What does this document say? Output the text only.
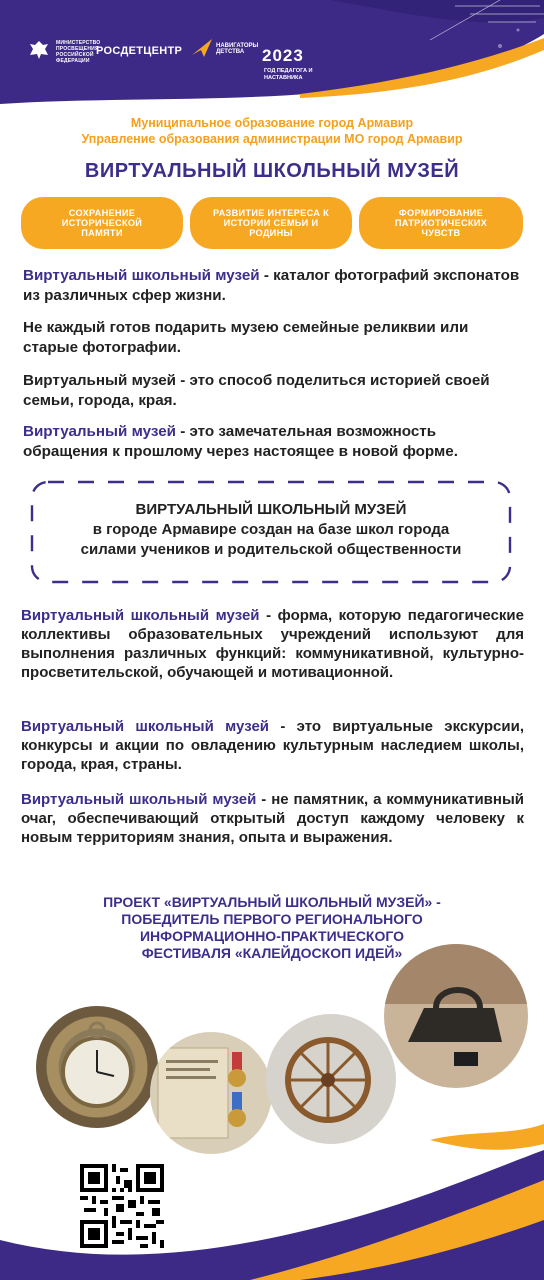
МИНИСТЕРСТВО ПРОСВЕЩЕНИЯ РОССИЙСКОЙ ФЕДЕРАЦИИ
РОСДЕТЦЕНТР	НАВИГАТОРЫ ДЕТСТВА	2023
ГОД ПЕДАГОГА И НАСТАВНИКА
Муниципальное образование город Армавир
Управление образования администрации МО город Армавир
ВИРТУАЛЬНЫЙ ШКОЛЬНЫЙ МУЗЕЙ
СОХРАНЕНИЕ ИСТОРИЧЕСКОЙ ПАМЯТИ
РАЗВИТИЕ ИНТЕРЕСА К ИСТОРИИ СЕМЬИ И РОДИНЫ
ФОРМИРОВАНИЕ ПАТРИОТИЧЕСКИХ ЧУВСТВ
Виртуальный школьный музей - каталог фотографий экспонатов из различных сфер жизни.
Не каждый готов подарить музею семейные реликвии или старые фотографии.
Виртуальный музей - это способ поделиться историей своей семьи, города, края.
Виртуальный музей - это замечательная возможность обращения к прошлому через настоящее в новой форме.
ВИРТУАЛЬНЫЙ ШКОЛЬНЫЙ МУЗЕЙ
в городе Армавире создан на базе школ города
силами учеников и родительской общественности
Виртуальный школьный музей - форма, которую педагогические коллективы образовательных учреждений используют для выполнения различных функций: коммуникативной, культурно-просветительской, обучающей и мотивационной.
Виртуальный школьный музей - это виртуальные экскурсии, конкурсы и акции по овладению культурным наследием школы, города, края, страны.
Виртуальный школьный музей - не памятник, а коммуникативный очаг, обеспечивающий открытый доступ каждому человеку к новым территориям знания, опыта и выражения.
ПРОЕКТ «ВИРТУАЛЬНЫЙ ШКОЛЬНЫЙ МУЗЕЙ» -
ПОБЕДИТЕЛЬ ПЕРВОГО РЕГИОНАЛЬНОГО
ИНФОРМАЦИОННО-ПРАКТИЧЕСКОГО
ФЕСТИВАЛЯ «КАЛЕЙДОСКОП ИДЕЙ»
